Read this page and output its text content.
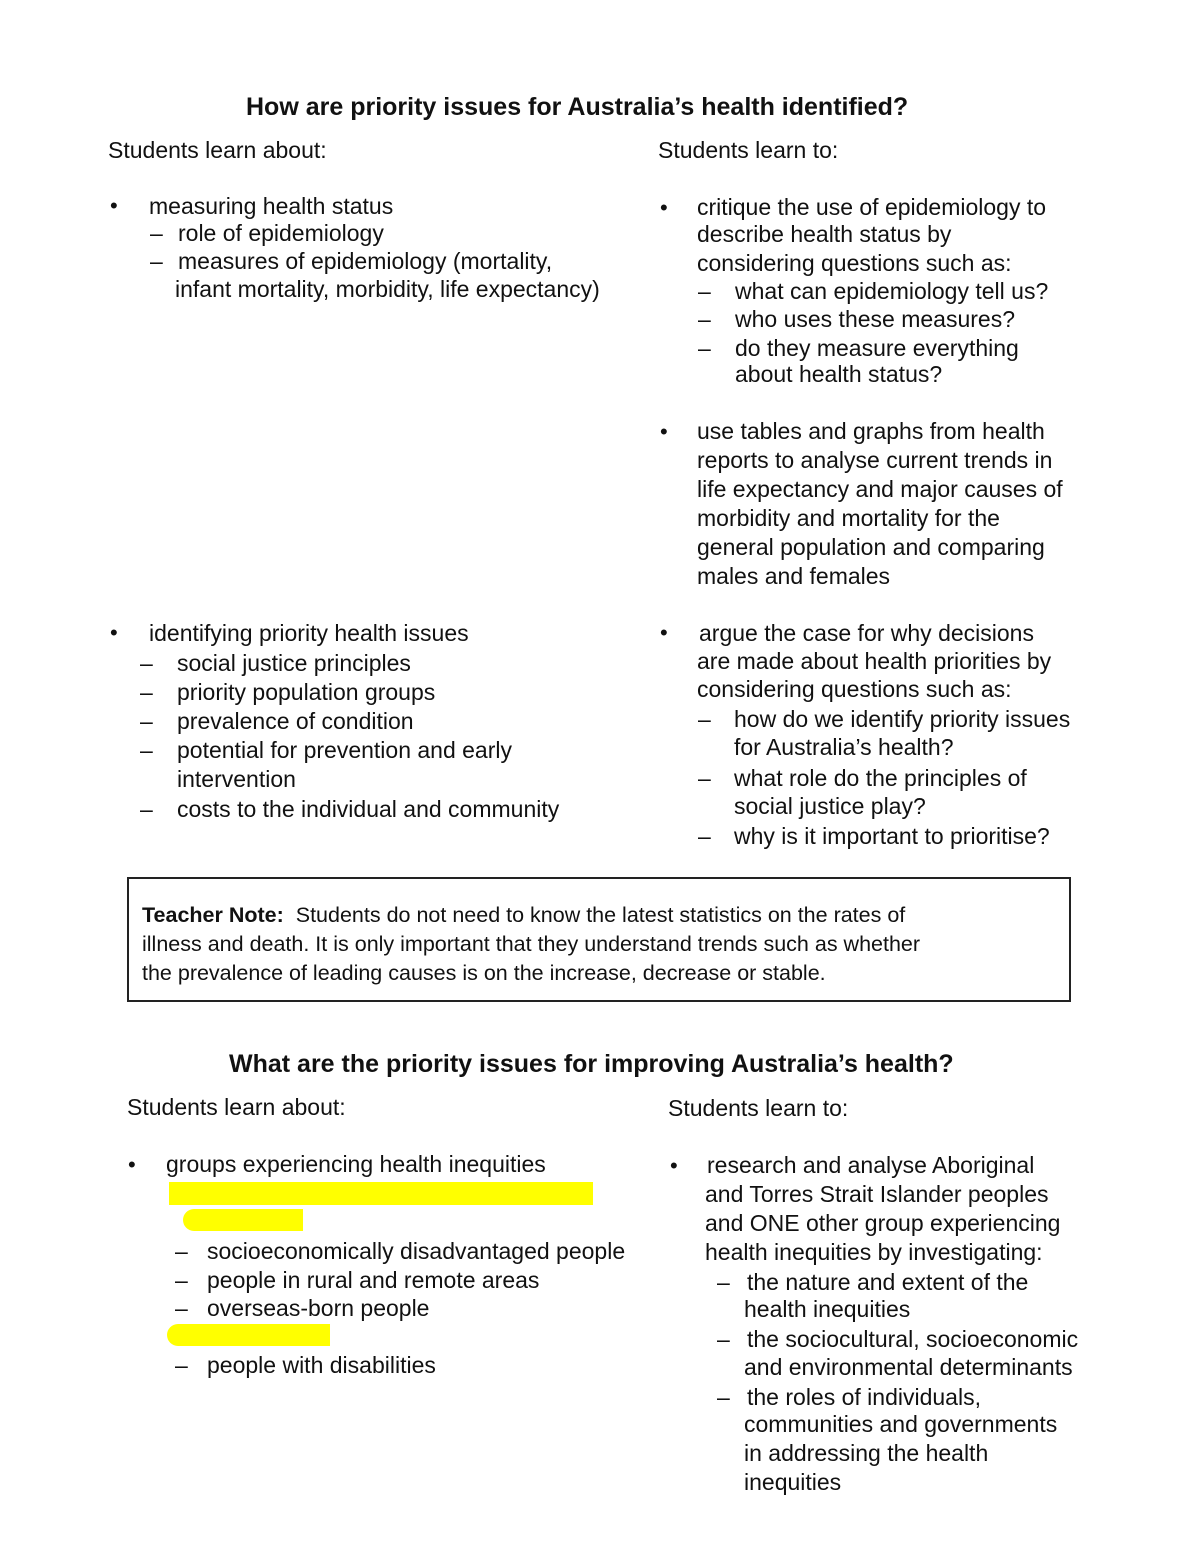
How are priority issues for Australia’s health identified?
Students learn about:	Students learn to:
• measuring health status
– role of epidemiology
– measures of epidemiology (mortality,
infant mortality, morbidity, life expectancy)
• critique the use of epidemiology to
describe health status by
considering questions such as:
– what can epidemiology tell us?
– who uses these measures?
– do they measure everything
about health status?
• use tables and graphs from health
reports to analyse current trends in
life expectancy and major causes of
morbidity and mortality for the
general population and comparing
males and females
• identifying priority health issues
– social justice principles
– priority population groups
– prevalence of condition
– potential for prevention and early
intervention
– costs to the individual and community
• argue the case for why decisions
are made about health priorities by
considering questions such as:
– how do we identify priority issues
for Australia’s health?
– what role do the principles of
social justice play?
– why is it important to prioritise?
Teacher Note: Students do not need to know the latest statistics on the rates of
illness and death. It is only important that they understand trends such as whether
the prevalence of leading causes is on the increase, decrease or stable.
What are the priority issues for improving Australia’s health?
Students learn about:	Students learn to:
• groups experiencing health inequities
– socioeconomically disadvantaged people
– people in rural and remote areas
– overseas-born people
– people with disabilities
• research and analyse Aboriginal
and Torres Strait Islander peoples
and ONE other group experiencing
health inequities by investigating:
– the nature and extent of the
health inequities
– the sociocultural, socioeconomic
and environmental determinants
– the roles of individuals,
communities and governments
in addressing the health
inequities
